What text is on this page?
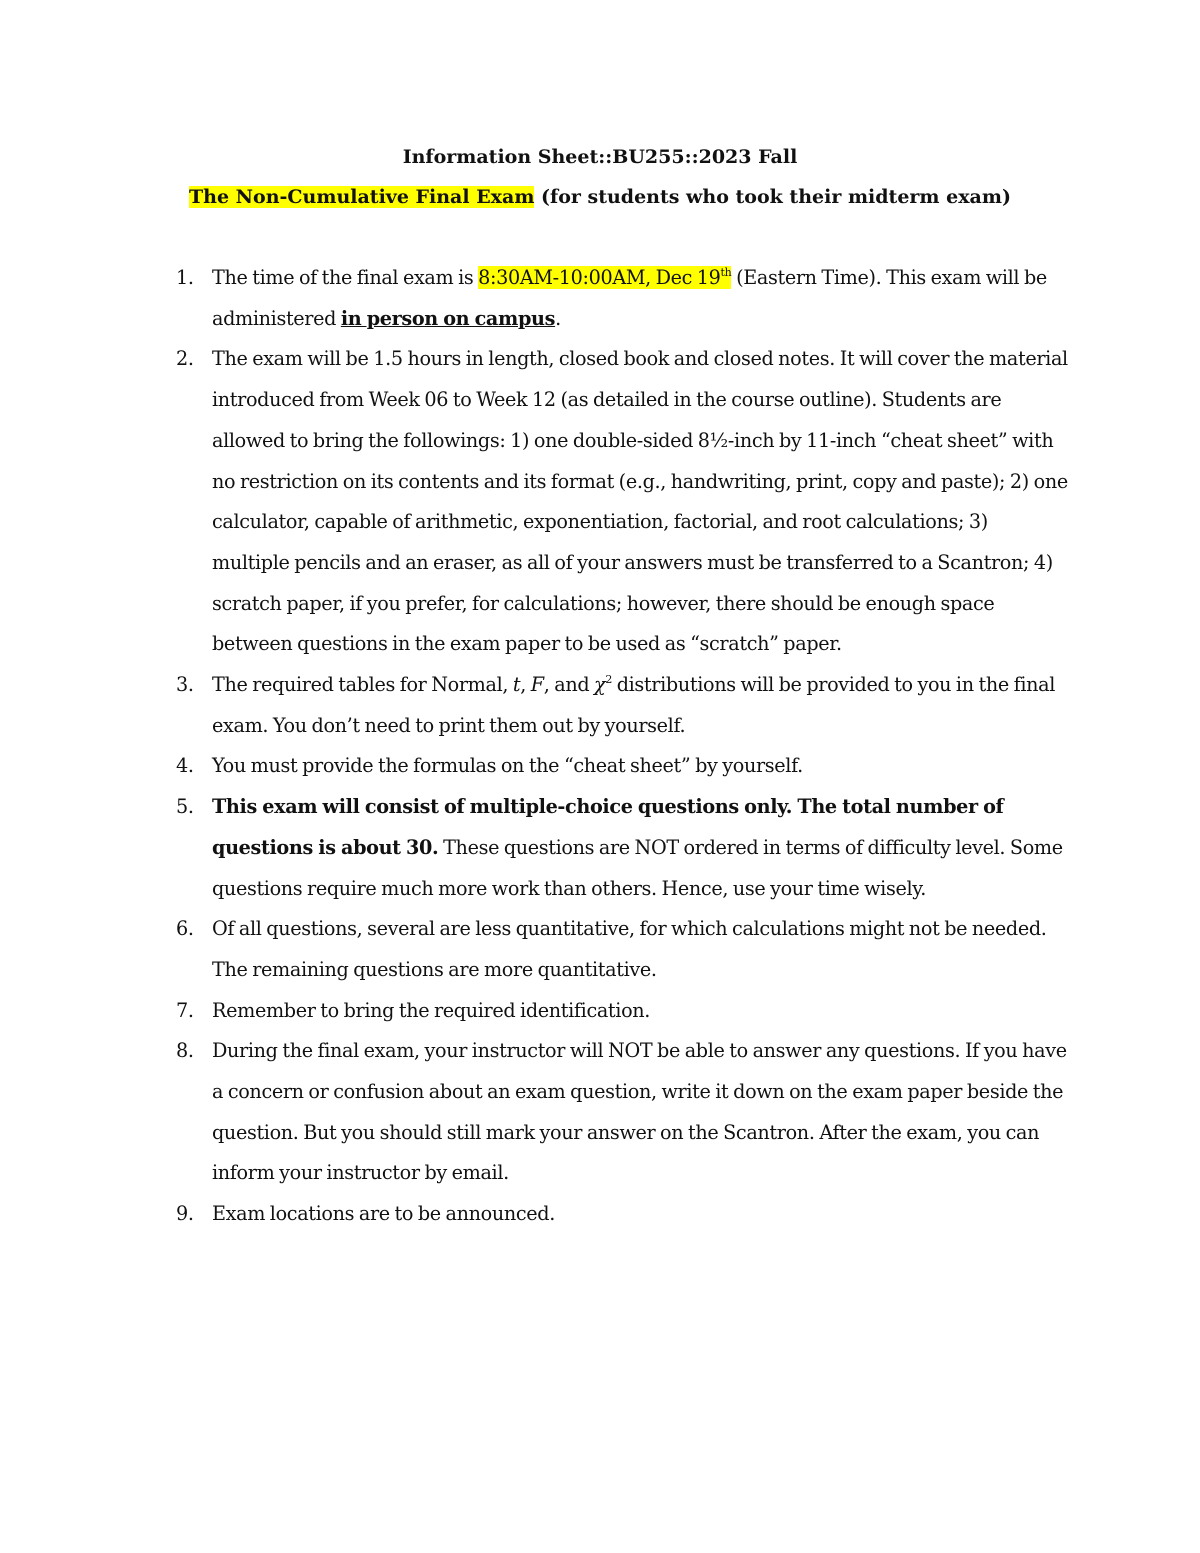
Information Sheet::BU255::2023 Fall

The Non-Cumulative Final Exam (for students who took their midterm exam)

1. The time of the final exam is 8:30AM-10:00AM, Dec 19th (Eastern Time). This exam will be administered in person on campus.
2. The exam will be 1.5 hours in length, closed book and closed notes. It will cover the material introduced from Week 06 to Week 12 (as detailed in the course outline). Students are allowed to bring the followings: 1) one double-sided 8½-inch by 11-inch “cheat sheet” with no restriction on its contents and its format (e.g., handwriting, print, copy and paste); 2) one calculator, capable of arithmetic, exponentiation, factorial, and root calculations; 3) multiple pencils and an eraser, as all of your answers must be transferred to a Scantron; 4) scratch paper, if you prefer, for calculations; however, there should be enough space between questions in the exam paper to be used as “scratch” paper.
3. The required tables for Normal, t, F, and $\chi^2$ distributions will be provided to you in the final exam. You don’t need to print them out by yourself.
4. You must provide the formulas on the “cheat sheet” by yourself.
5. This exam will consist of multiple-choice questions only. The total number of questions is about 30. These questions are NOT ordered in terms of difficulty level. Some questions require much more work than others. Hence, use your time wisely.
6. Of all questions, several are less quantitative, for which calculations might not be needed. The remaining questions are more quantitative.
7. Remember to bring the required identification.
8. During the final exam, your instructor will NOT be able to answer any questions. If you have a concern or confusion about an exam question, write it down on the exam paper beside the question. But you should still mark your answer on the Scantron. After the exam, you can inform your instructor by email.
9. Exam locations are to be announced.
